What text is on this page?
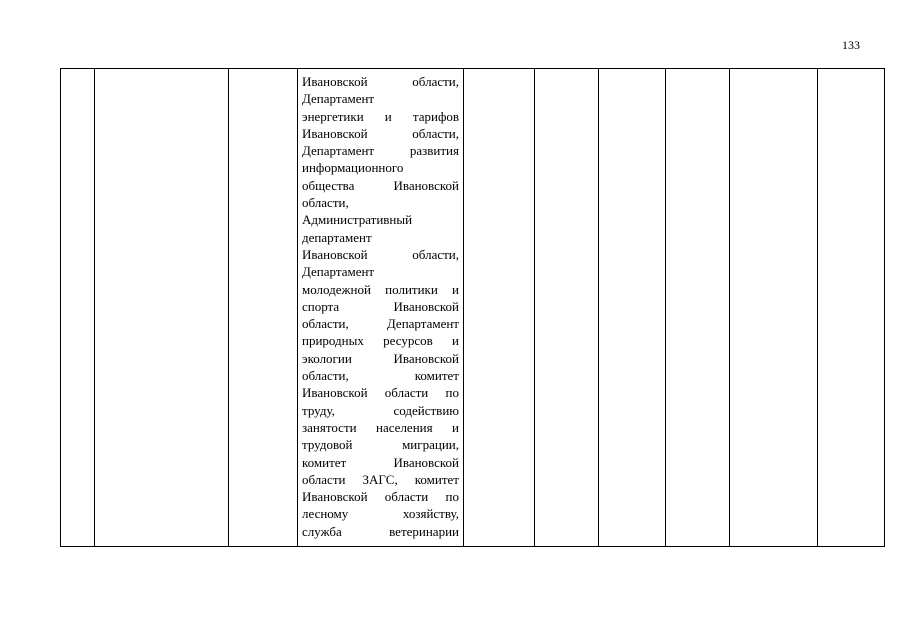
133

Ивановской области,
Департамент
энергетики и тарифов
Ивановской области,
Департамент развития
информационного
общества Ивановской
области,
Административный
департамент
Ивановской области,
Департамент
молодежной политики и
спорта Ивановской
области, Департамент
природных ресурсов и
экологии Ивановской
области, комитет
Ивановской области по
труду, содействию
занятости населения и
трудовой миграции,
комитет Ивановской
области ЗАГС, комитет
Ивановской области по
лесному хозяйству,
служба ветеринарии
